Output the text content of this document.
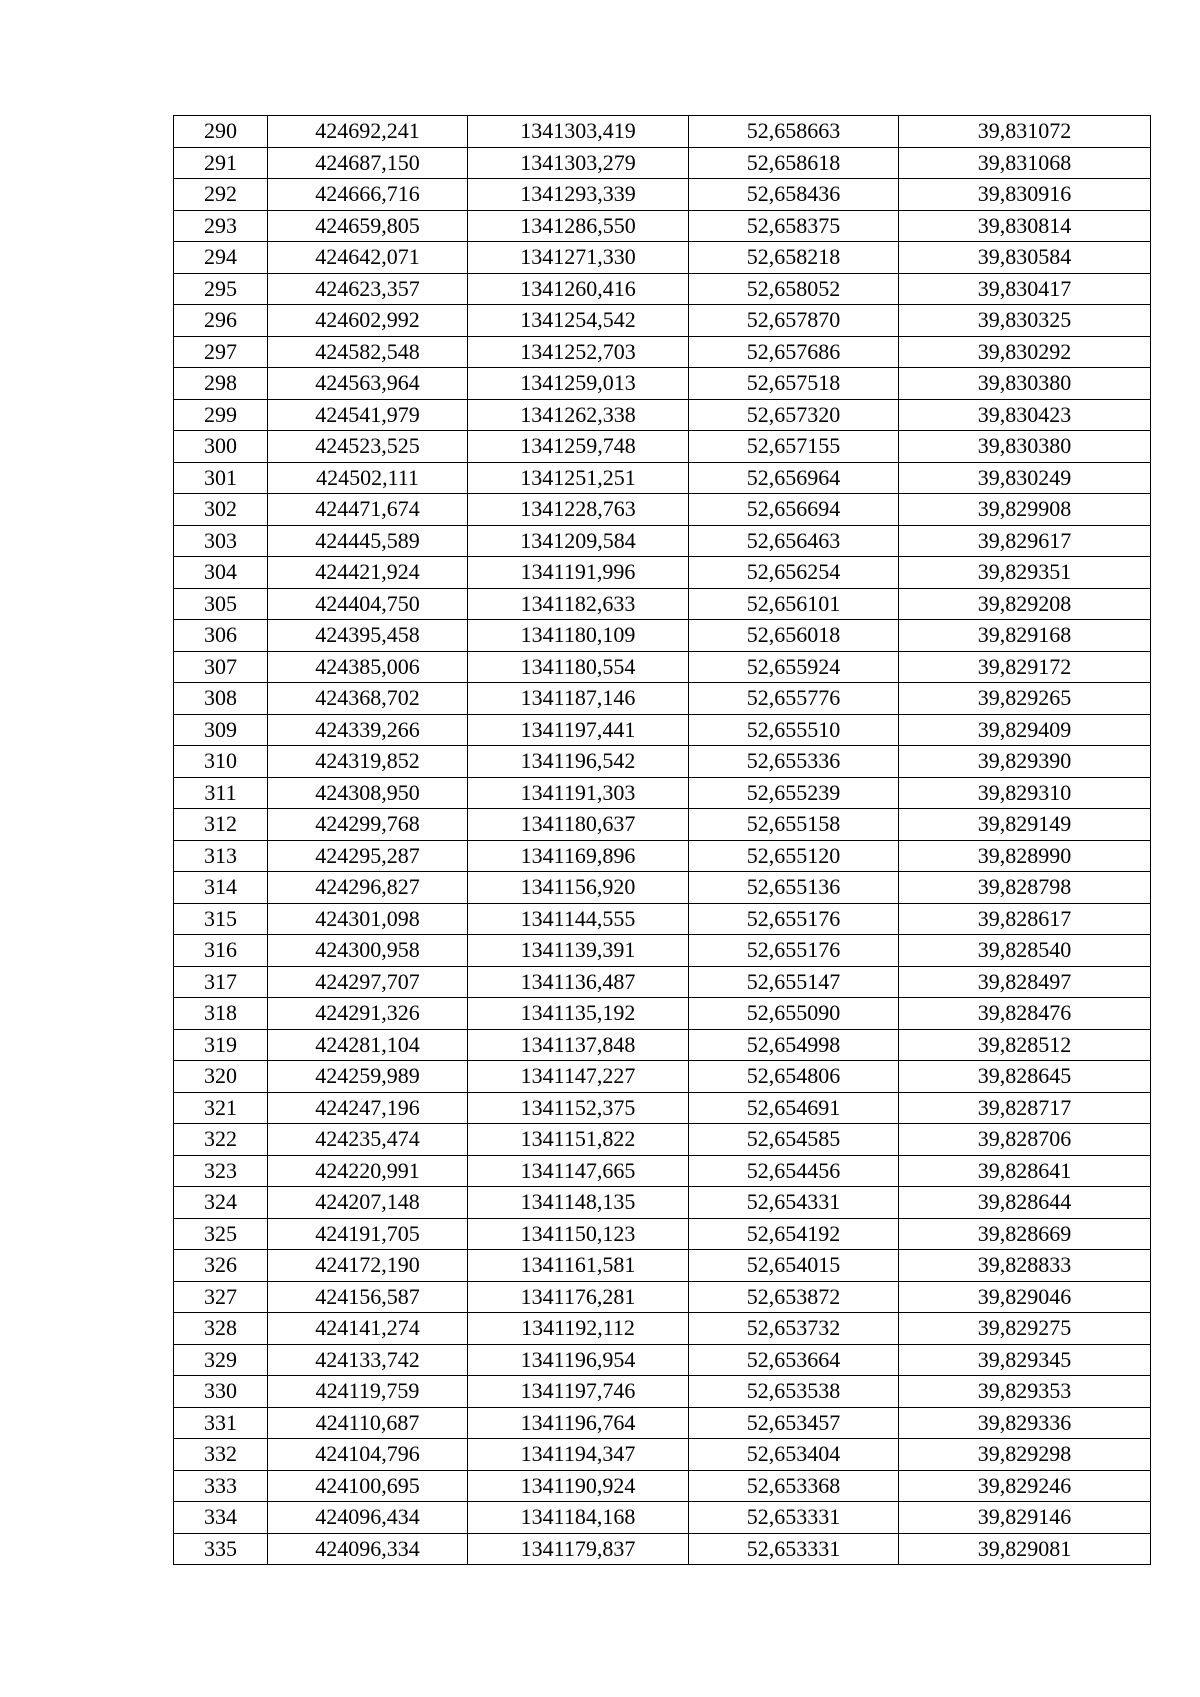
290	424692,241	1341303,419	52,658663	39,831072
291	424687,150	1341303,279	52,658618	39,831068
292	424666,716	1341293,339	52,658436	39,830916
293	424659,805	1341286,550	52,658375	39,830814
294	424642,071	1341271,330	52,658218	39,830584
295	424623,357	1341260,416	52,658052	39,830417
296	424602,992	1341254,542	52,657870	39,830325
297	424582,548	1341252,703	52,657686	39,830292
298	424563,964	1341259,013	52,657518	39,830380
299	424541,979	1341262,338	52,657320	39,830423
300	424523,525	1341259,748	52,657155	39,830380
301	424502,111	1341251,251	52,656964	39,830249
302	424471,674	1341228,763	52,656694	39,829908
303	424445,589	1341209,584	52,656463	39,829617
304	424421,924	1341191,996	52,656254	39,829351
305	424404,750	1341182,633	52,656101	39,829208
306	424395,458	1341180,109	52,656018	39,829168
307	424385,006	1341180,554	52,655924	39,829172
308	424368,702	1341187,146	52,655776	39,829265
309	424339,266	1341197,441	52,655510	39,829409
310	424319,852	1341196,542	52,655336	39,829390
311	424308,950	1341191,303	52,655239	39,829310
312	424299,768	1341180,637	52,655158	39,829149
313	424295,287	1341169,896	52,655120	39,828990
314	424296,827	1341156,920	52,655136	39,828798
315	424301,098	1341144,555	52,655176	39,828617
316	424300,958	1341139,391	52,655176	39,828540
317	424297,707	1341136,487	52,655147	39,828497
318	424291,326	1341135,192	52,655090	39,828476
319	424281,104	1341137,848	52,654998	39,828512
320	424259,989	1341147,227	52,654806	39,828645
321	424247,196	1341152,375	52,654691	39,828717
322	424235,474	1341151,822	52,654585	39,828706
323	424220,991	1341147,665	52,654456	39,828641
324	424207,148	1341148,135	52,654331	39,828644
325	424191,705	1341150,123	52,654192	39,828669
326	424172,190	1341161,581	52,654015	39,828833
327	424156,587	1341176,281	52,653872	39,829046
328	424141,274	1341192,112	52,653732	39,829275
329	424133,742	1341196,954	52,653664	39,829345
330	424119,759	1341197,746	52,653538	39,829353
331	424110,687	1341196,764	52,653457	39,829336
332	424104,796	1341194,347	52,653404	39,829298
333	424100,695	1341190,924	52,653368	39,829246
334	424096,434	1341184,168	52,653331	39,829146
335	424096,334	1341179,837	52,653331	39,829081
